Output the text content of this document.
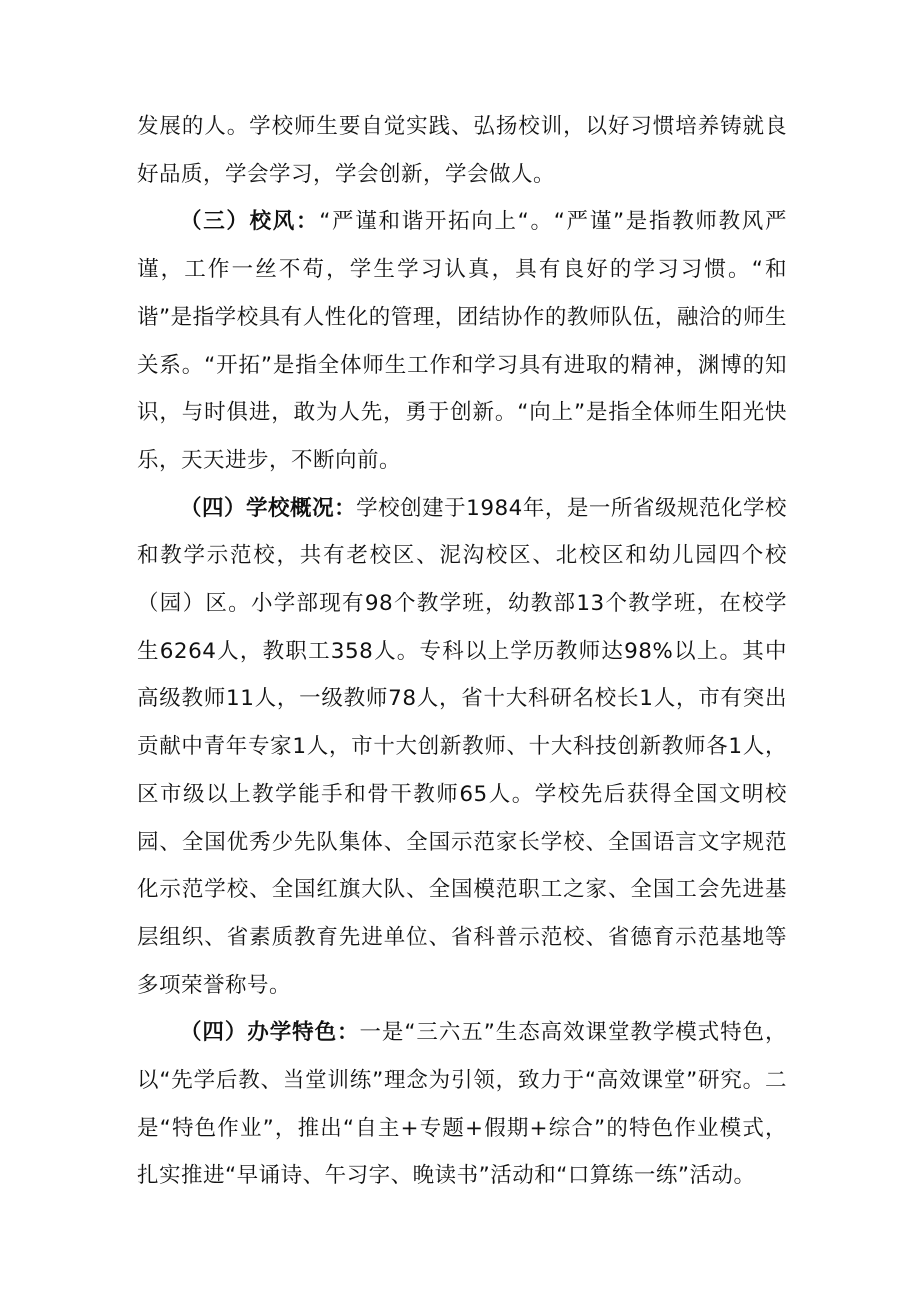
发展的人。学校师生要自觉实践、弘扬校训，以好习惯培养铸就良好品质，学会学习，学会创新，学会做人。

（三）校风：“严谨和谐开拓向上“。“严谨”是指教师教风严谨，工作一丝不苟，学生学习认真，具有良好的学习习惯。“和谐”是指学校具有人性化的管理，团结协作的教师队伍，融洽的师生关系。“开拓”是指全体师生工作和学习具有进取的精神，渊博的知识，与时俱进，敢为人先，勇于创新。“向上”是指全体师生阳光快乐，天天进步，不断向前。

（四）学校概况：学校创建于1984年，是一所省级规范化学校和教学示范校，共有老校区、泥沟校区、北校区和幼儿园四个校（园）区。小学部现有98个教学班，幼教部13个教学班，在校学生6264人，教职工358人。专科以上学历教师达98%以上。其中高级教师11人，一级教师78人，省十大科研名校长1人，市有突出贡献中青年专家1人，市十大创新教师、十大科技创新教师各1人，区市级以上教学能手和骨干教师65人。学校先后获得全国文明校园、全国优秀少先队集体、全国示范家长学校、全国语言文字规范化示范学校、全国红旗大队、全国模范职工之家、全国工会先进基层组织、省素质教育先进单位、省科普示范校、省德育示范基地等多项荣誉称号。

（四）办学特色：一是“三六五”生态高效课堂教学模式特色，以“先学后教、当堂训练”理念为引领，致力于“高效课堂”研究。二是“特色作业”，推出“自主+专题+假期+综合”的特色作业模式，扎实推进“早诵诗、午习字、晚读书”活动和“口算练一练”活动。
